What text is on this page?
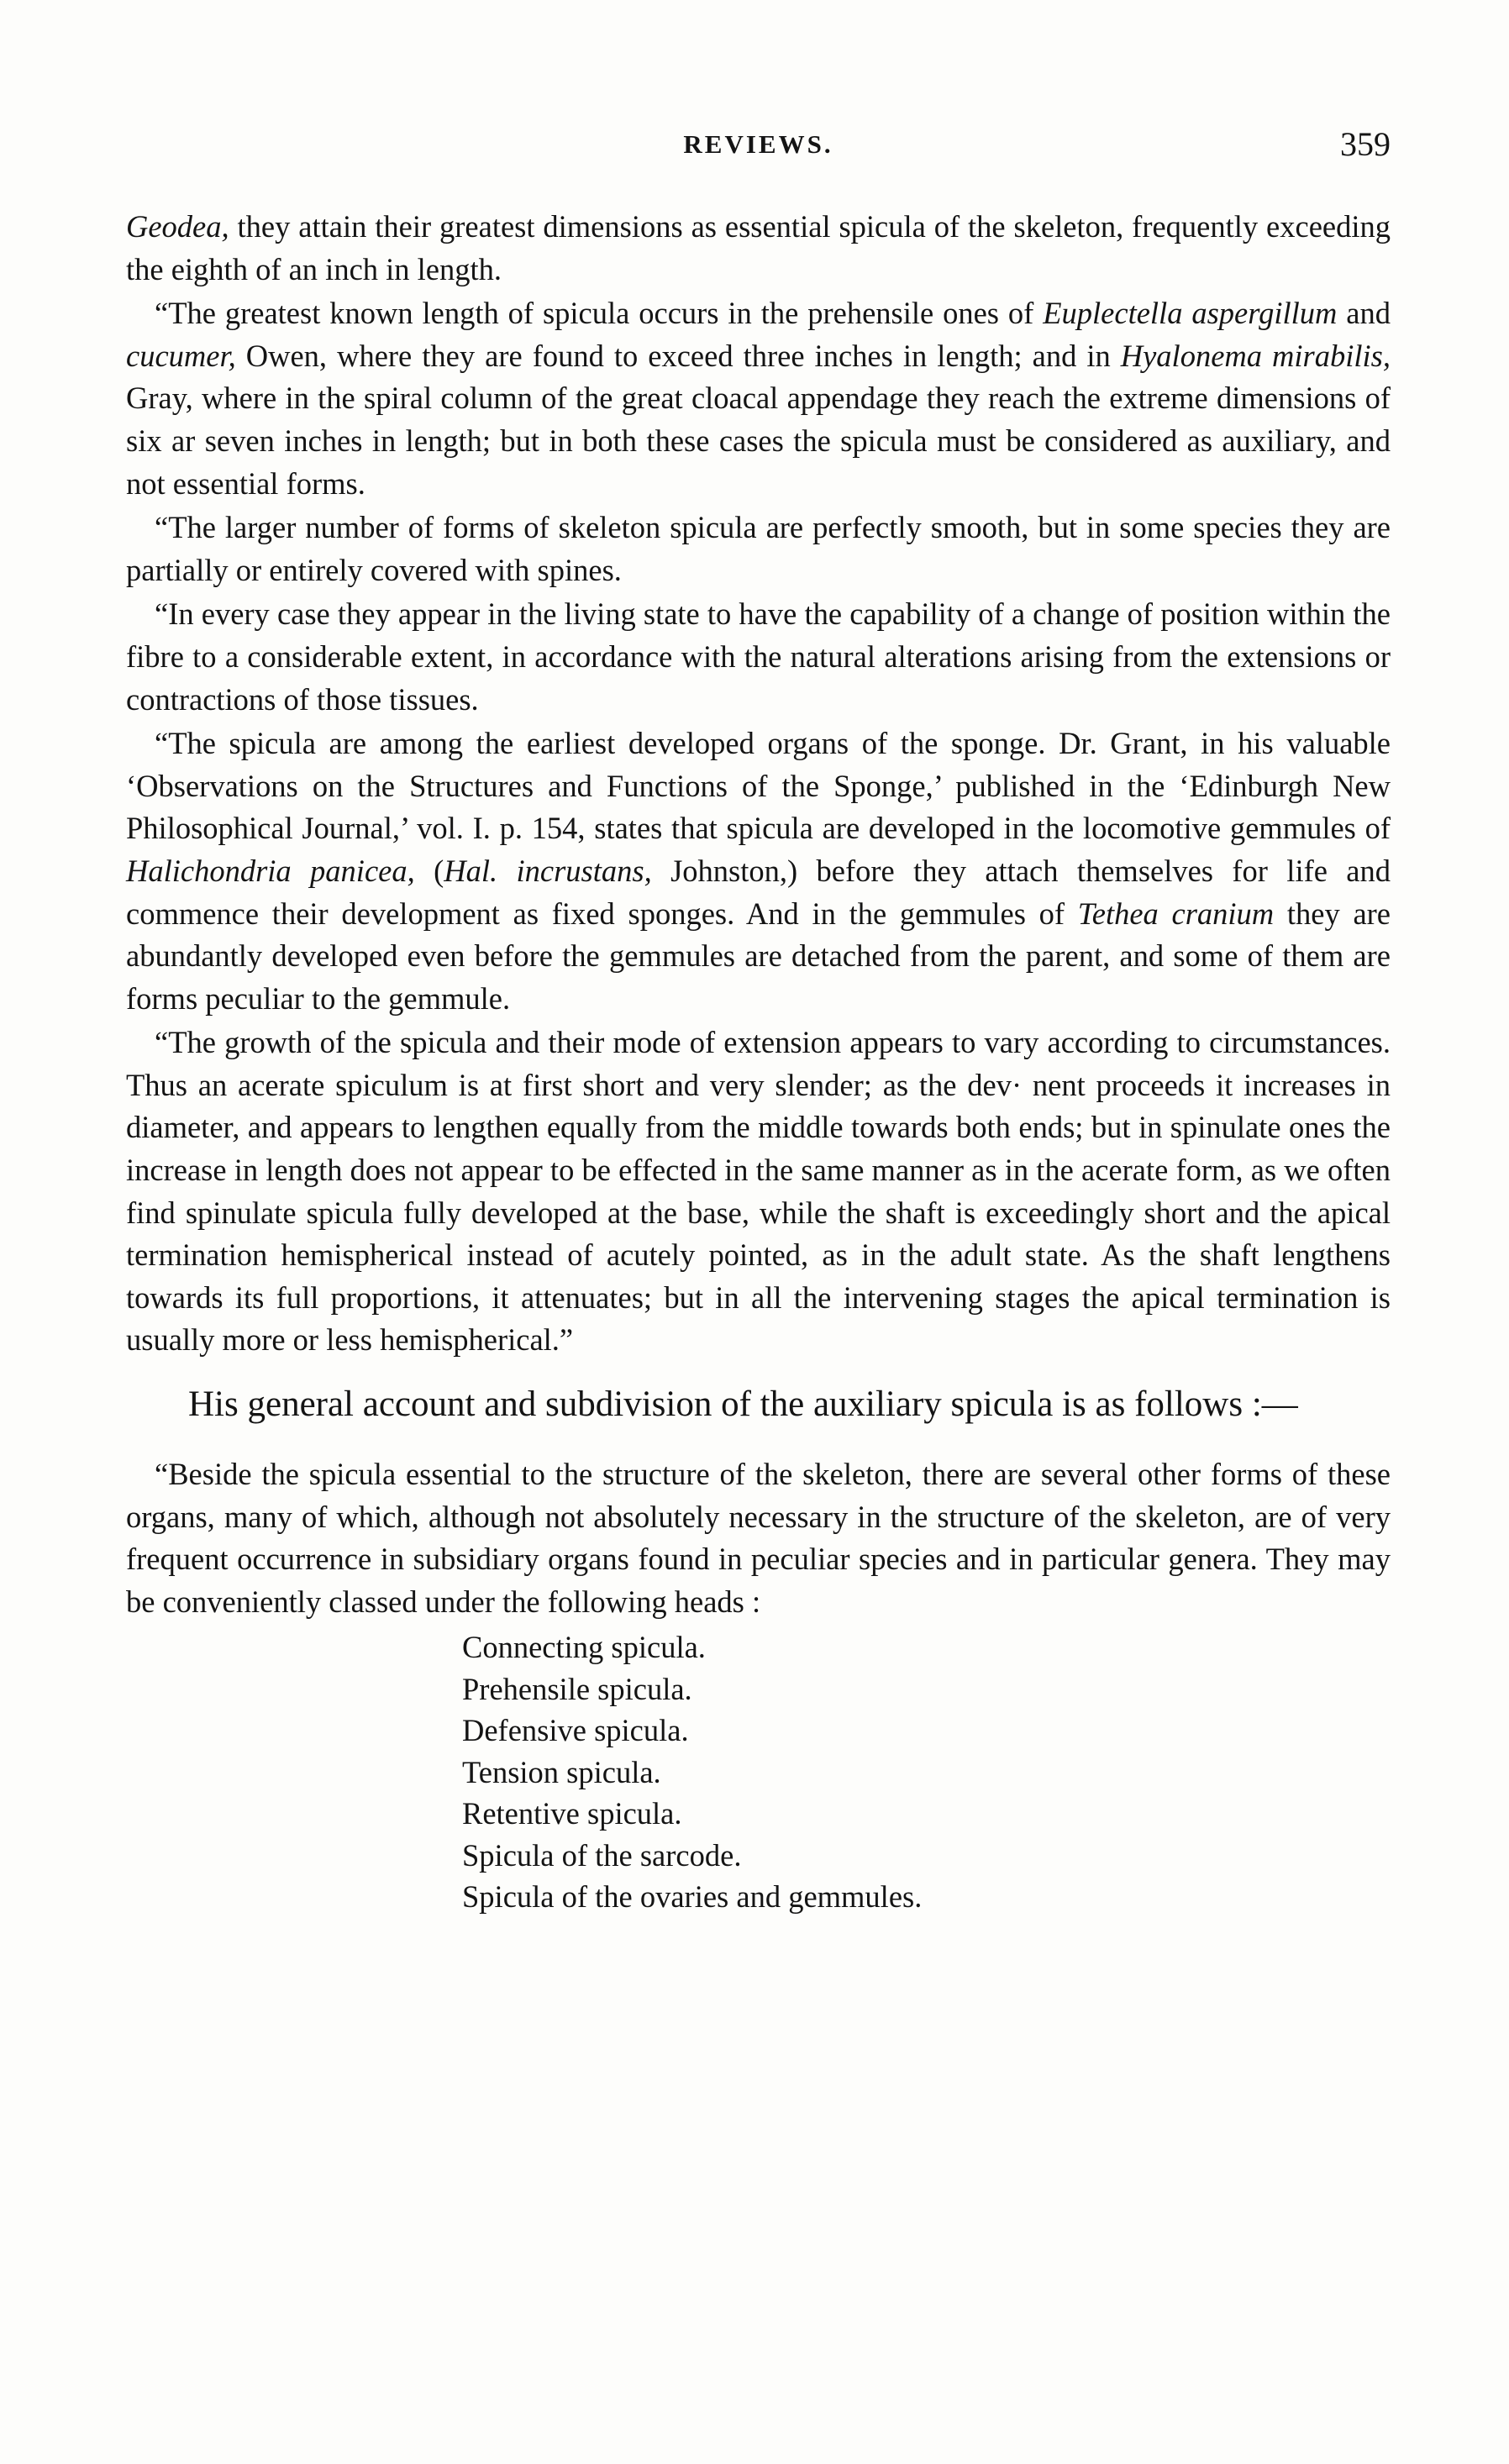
REVIEWS.	359

Geodea, they attain their greatest dimensions as essential spicula of the skeleton, frequently exceeding the eighth of an inch in length.

“The greatest known length of spicula occurs in the prehensile ones of Euplectella aspergillum and cucumer, Owen, where they are found to exceed three inches in length; and in Hyalonema mirabilis, Gray, where in the spiral column of the great cloacal appendage they reach the extreme dimensions of six ar seven inches in length; but in both these cases the spicula must be considered as auxiliary, and not essential forms.

“The larger number of forms of skeleton spicula are perfectly smooth, but in some species they are partially or entirely covered with spines.

“In every case they appear in the living state to have the capability of a change of position within the fibre to a considerable extent, in accordance with the natural alterations arising from the extensions or contractions of those tissues.

“The spicula are among the earliest developed organs of the sponge. Dr. Grant, in his valuable ‘Observations on the Structures and Functions of the Sponge,’ published in the ‘Edinburgh New Philosophical Journal,’ vol. I. p. 154, states that spicula are developed in the locomotive gemmules of Halichondria panicea, (Hal. incrustans, Johnston,) before they attach themselves for life and commence their development as fixed sponges. And in the gemmules of Tethea cranium they are abundantly developed even before the gemmules are detached from the parent, and some of them are forms peculiar to the gemmule.

“The growth of the spicula and their mode of extension appears to vary according to circumstances. Thus an acerate spiculum is at first short and very slender; as the dev· nent proceeds it increases in diameter, and appears to lengthen equally from the middle towards both ends; but in spinulate ones the increase in length does not appear to be effected in the same manner as in the acerate form, as we often find spinulate spicula fully developed at the base, while the shaft is exceedingly short and the apical termination hemispherical instead of acutely pointed, as in the adult state. As the shaft lengthens towards its full proportions, it attenuates; but in all the intervening stages the apical termination is usually more or less hemispherical.”

His general account and subdivision of the auxiliary spicula is as follows :—

“Beside the spicula essential to the structure of the skeleton, there are several other forms of these organs, many of which, although not absolutely necessary in the structure of the skeleton, are of very frequent occurrence in subsidiary organs found in peculiar species and in particular genera. They may be conveniently classed under the following heads :

Connecting spicula.
Prehensile spicula.
Defensive spicula.
Tension spicula.
Retentive spicula.
Spicula of the sarcode.
Spicula of the ovaries and gemmules.
